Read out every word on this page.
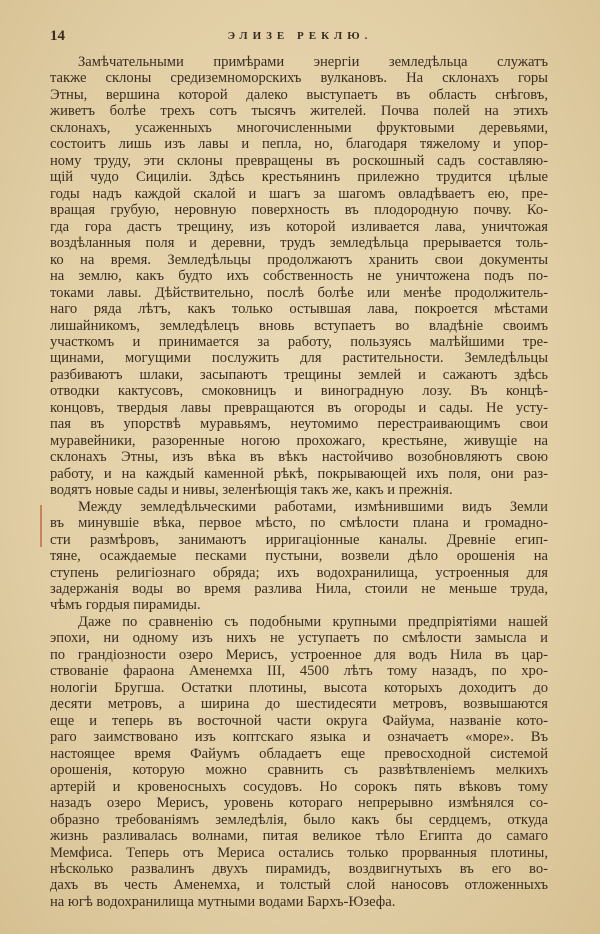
14	ЭЛИЗЕ РЕКЛЮ.
Замѣчательными примѣрами энергіи земледѣльца служатъ
также склоны средиземноморскихъ вулкановъ. На склонахъ горы
Этны, вершина которой далеко выступаетъ въ область снѣговъ,
живетъ болѣе трехъ сотъ тысячъ жителей. Почва полей на этихъ
склонахъ, усаженныхъ многочисленными фруктовыми деревьями,
состоитъ лишь изъ лавы и пепла, но, благодаря тяжелому и упор-
ному труду, эти склоны превращены въ роскошный садъ составляю-
щій чудо Сициліи. Здѣсь крестьянинъ прилежно трудится цѣлые
годы надъ каждой скалой и шагъ за шагомъ овладѣваетъ ею, пре-
вращая грубую, неровную поверхность въ плодородную почву. Ко-
гда гора дастъ трещину, изъ которой изливается лава, уничтожая
воздѣланныя поля и деревни, трудъ земледѣльца прерывается толь-
ко на время. Земледѣльцы продолжаютъ хранить свои документы
на землю, какъ будто ихъ собственность не уничтожена подъ по-
токами лавы. Дѣйствительно, послѣ болѣе или менѣе продолжитель-
наго ряда лѣтъ, какъ только остывшая лава, покроется мѣстами
лишайникомъ, земледѣлецъ вновь вступаетъ во владѣніе своимъ
участкомъ и принимается за работу, пользуясь малѣйшими тре-
щинами, могущими послужить для растительности. Земледѣльцы
разбиваютъ шлаки, засыпаютъ трещины землей и сажаютъ здѣсь
отводки кактусовъ, смоковницъ и виноградную лозу. Въ концѣ-
концовъ, твердыя лавы превращаются въ огороды и сады. Не усту-
пая въ упорствѣ муравьямъ, неутомимо перестраивающимъ свои
муравейники, разоренные ногою прохожаго, крестьяне, живущіе на
склонахъ Этны, изъ вѣка въ вѣкъ настойчиво возобновляютъ свою
работу, и на каждый каменной рѣкѣ, покрывающей ихъ поля, они раз-
водятъ новые сады и нивы, зеленѣющія такъ же, какъ и прежнія.
Между земледѣльческими работами, измѣнившими видъ Земли
въ минувшіе вѣка, первое мѣсто, по смѣлости плана и громадно-
сти размѣровъ, занимаютъ ирригаціонные каналы. Древніе егип-
тяне, осаждаемые песками пустыни, возвели дѣло орошенія на
ступень религіознаго обряда; ихъ водохранилища, устроенныя для
задержанія воды во время разлива Нила, стоили не меньше труда,
чѣмъ гордыя пирамиды.
Даже по сравненію съ подобными крупными предпріятіями нашей
эпохи, ни одному изъ нихъ не уступаетъ по смѣлости замысла и
по грандіозности озеро Мерисъ, устроенное для водъ Нила въ цар-
ствованіе фараона Аменемха III, 4500 лѣтъ тому назадъ, по хро-
нологіи Бругша. Остатки плотины, высота которыхъ доходитъ до
десяти метровъ, а ширина до шестидесяти метровъ, возвышаются
еще и теперь въ восточной части округа Файума, названіе кото-
раго заимствовано изъ коптскаго языка и означаетъ «море». Въ
настоящее время Файумъ обладаетъ еще превосходной системой
орошенія, которую можно сравнить съ развѣтвленіемъ мелкихъ
артерій и кровеносныхъ сосудовъ. Но сорокъ пять вѣковъ тому
назадъ озеро Мерисъ, уровень котораго непрерывно измѣнялся со-
образно требованіямъ земледѣлія, было какъ бы сердцемъ, откуда
жизнь разливалась волнами, питая великое тѣло Египта до самаго
Мемфиса. Теперь отъ Мериса остались только прорванныя плотины,
нѣсколько развалинъ двухъ пирамидъ, воздвигнутыхъ въ его во-
дахъ въ честь Аменемха, и толстый слой наносовъ отложенныхъ
на югѣ водохранилища мутными водами Бархъ-Юзефа.
